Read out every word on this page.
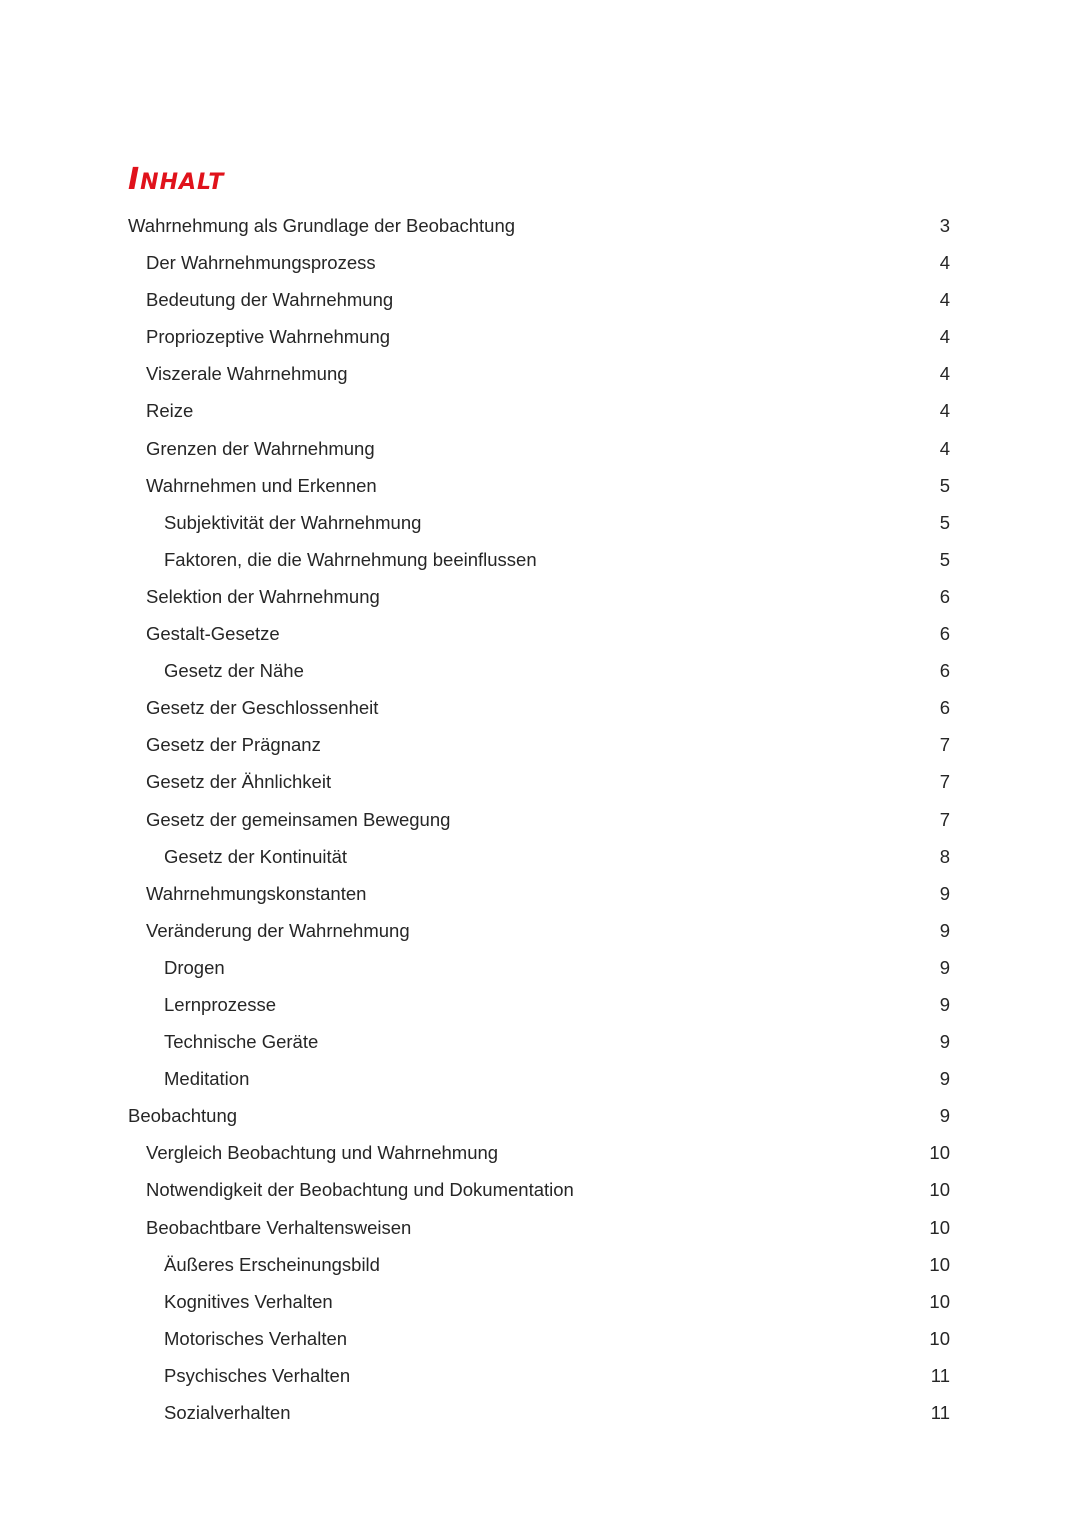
INHALT
Wahrnehmung als Grundlage der Beobachtung	3
Der Wahrnehmungsprozess	4
Bedeutung der Wahrnehmung	4
Propriozeptive Wahrnehmung	4
Viszerale Wahrnehmung	4
Reize	4
Grenzen der Wahrnehmung	4
Wahrnehmen und Erkennen	5
Subjektivität der Wahrnehmung	5
Faktoren, die die Wahrnehmung beeinflussen	5
Selektion der Wahrnehmung	6
Gestalt-Gesetze	6
Gesetz der Nähe	6
Gesetz der Geschlossenheit	6
Gesetz der Prägnanz	7
Gesetz der Ähnlichkeit	7
Gesetz der gemeinsamen Bewegung	7
Gesetz der Kontinuität	8
Wahrnehmungskonstanten	9
Veränderung der Wahrnehmung	9
Drogen	9
Lernprozesse	9
Technische Geräte	9
Meditation	9
Beobachtung	9
Vergleich Beobachtung und Wahrnehmung	10
Notwendigkeit der Beobachtung und Dokumentation	10
Beobachtbare Verhaltensweisen	10
Äußeres Erscheinungsbild	10
Kognitives Verhalten	10
Motorisches Verhalten	10
Psychisches Verhalten	11
Sozialverhalten	11
